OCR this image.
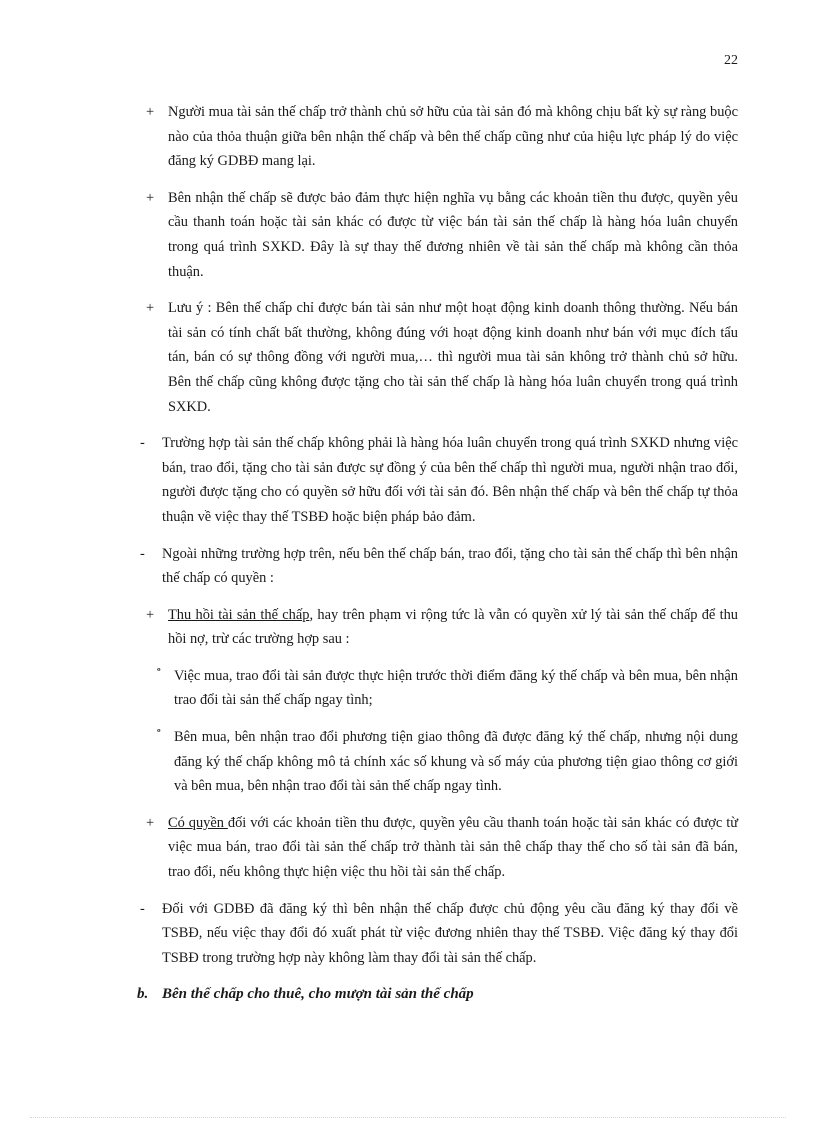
22
+ Người mua tài sản thế chấp trở thành chủ sở hữu của tài sản đó mà không chịu bất kỳ sự ràng buộc nào của thỏa thuận giữa bên nhận thế chấp và bên thế chấp cũng như của hiệu lực pháp lý do việc đăng ký GDBĐ mang lại.
+ Bên nhận thế chấp sẽ được bảo đảm thực hiện nghĩa vụ bằng các khoản tiền thu được, quyền yêu cầu thanh toán hoặc tài sản khác có được từ việc bán tài sản thế chấp là hàng hóa luân chuyển trong quá trình SXKD. Đây là sự thay thế đương nhiên về tài sản thế chấp mà không cần thỏa thuận.
+ Lưu ý : Bên thế chấp chỉ được bán tài sản như một hoạt động kinh doanh thông thường. Nếu bán tài sản có tính chất bất thường, không đúng với hoạt động kinh doanh như bán với mục đích tẩu tán, bán có sự thông đồng với người mua,… thì người mua tài sản không trở thành chủ sở hữu. Bên thế chấp cũng không được tặng cho tài sản thế chấp là hàng hóa luân chuyển trong quá trình SXKD.
- Trường hợp tài sản thế chấp không phải là hàng hóa luân chuyển trong quá trình SXKD nhưng việc bán, trao đổi, tặng cho tài sản được sự đồng ý của bên thế chấp thì người mua, người nhận trao đổi, người được tặng cho có quyền sở hữu đối với tài sản đó. Bên nhận thế chấp và bên thế chấp tự thỏa thuận về việc thay thế TSBĐ hoặc biện pháp bảo đảm.
- Ngoài những trường hợp trên, nếu bên thế chấp bán, trao đổi, tặng cho tài sản thế chấp thì bên nhận thế chấp có quyền :
+ Thu hồi tài sản thế chấp, hay trên phạm vi rộng tức là vẫn có quyền xử lý tài sản thế chấp để thu hồi nợ, trừ các trường hợp sau :
º Việc mua, trao đổi tài sản được thực hiện trước thời điểm đăng ký thế chấp và bên mua, bên nhận trao đổi tài sản thế chấp ngay tình;
º Bên mua, bên nhận trao đổi phương tiện giao thông đã được đăng ký thế chấp, nhưng nội dung đăng ký thế chấp không mô tả chính xác số khung và số máy của phương tiện giao thông cơ giới và bên mua, bên nhận trao đổi tài sản thế chấp ngay tình.
+ Có quyền đối với các khoản tiền thu được, quyền yêu cầu thanh toán hoặc tài sản khác có được từ việc mua bán, trao đổi tài sản thế chấp trở thành tài sản thê chấp thay thế cho số tài sản đã bán, trao đổi, nếu không thực hiện việc thu hồi tài sản thế chấp.
- Đối với GDBĐ đã đăng ký thì bên nhận thế chấp được chủ động yêu cầu đăng ký thay đổi về TSBĐ, nếu việc thay đổi đó xuất phát từ việc đương nhiên thay thế TSBĐ. Việc đăng ký thay đổi TSBĐ trong trường hợp này không làm thay đổi tài sản thế chấp.
b. Bên thế chấp cho thuê, cho mượn tài sản thế chấp
